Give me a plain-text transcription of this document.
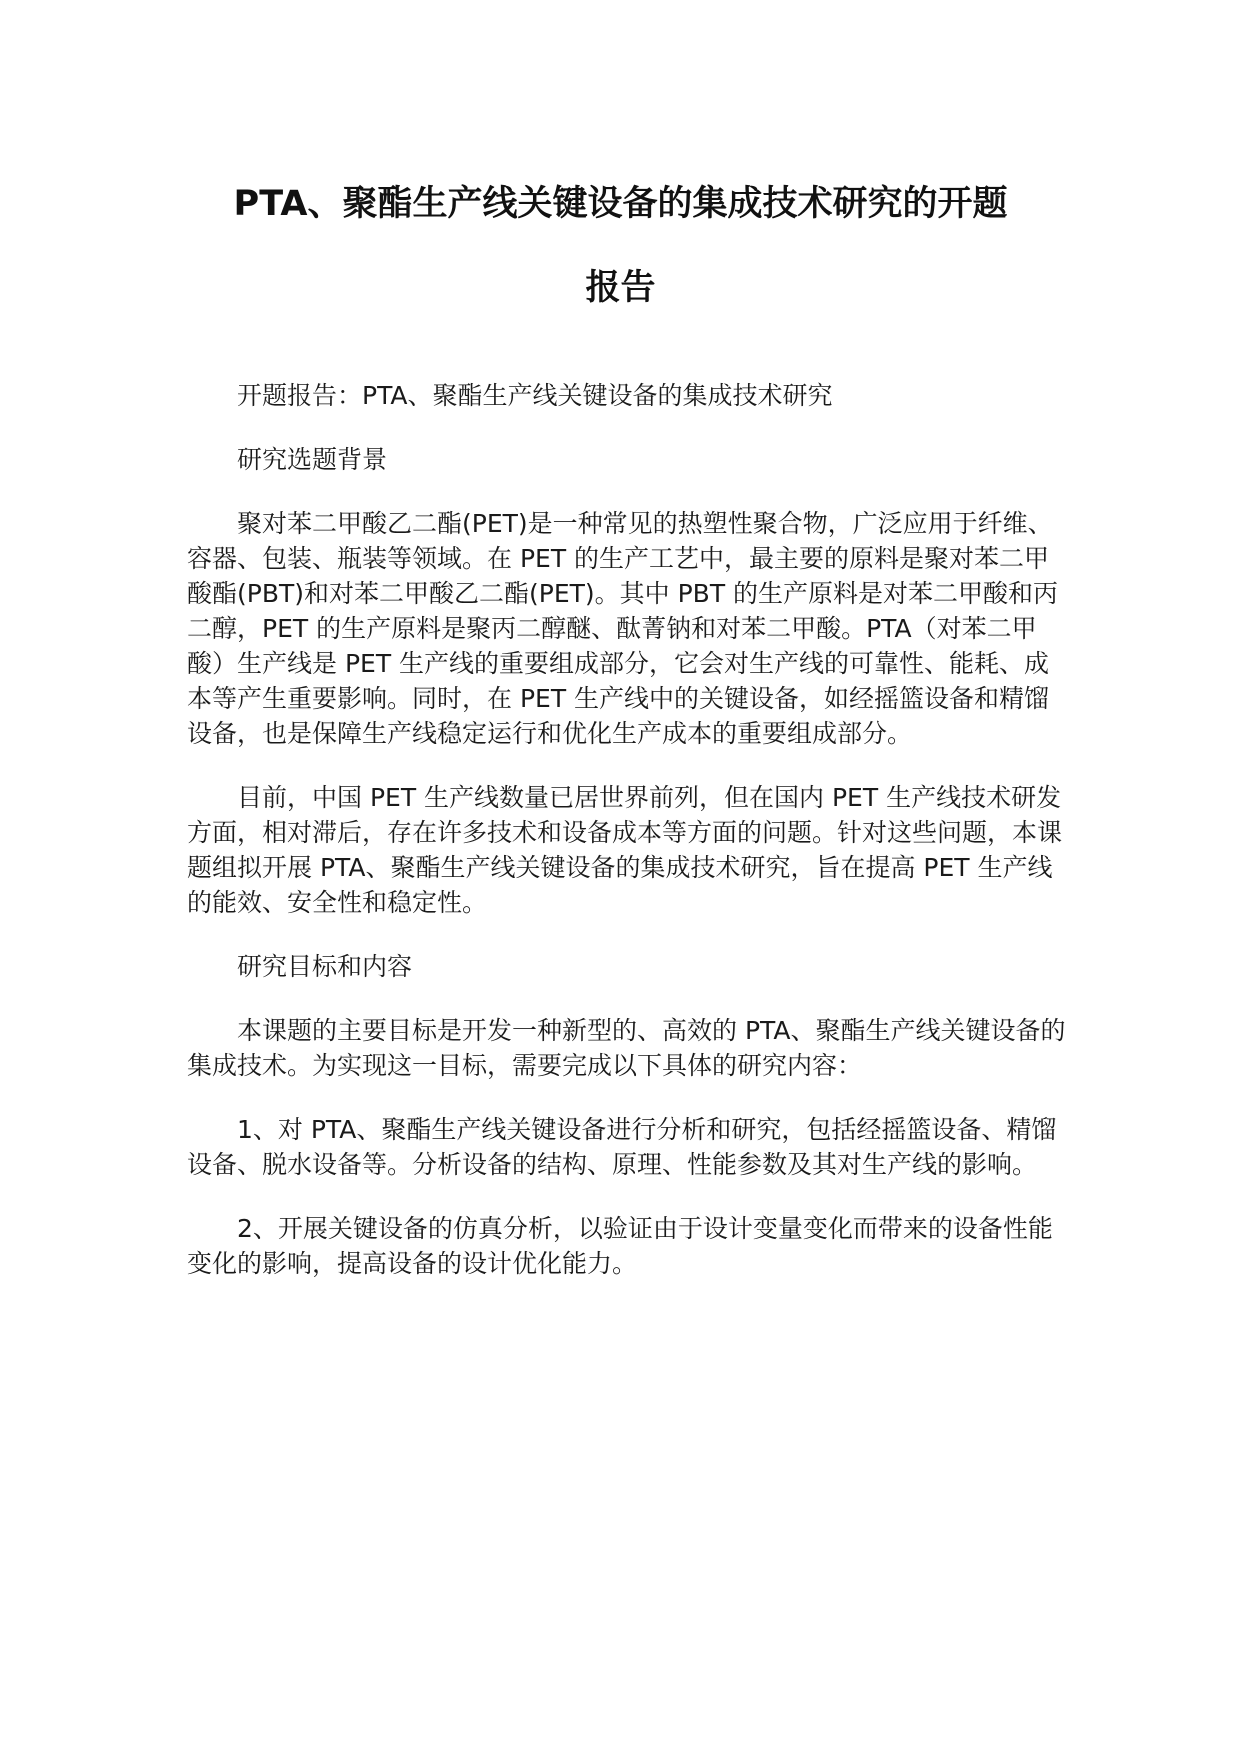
PTA、聚酯生产线关键设备的集成技术研究的开题
报告

开题报告：PTA、聚酯生产线关键设备的集成技术研究

研究选题背景

聚对苯二甲酸乙二酯(PET)是一种常见的热塑性聚合物，广泛应用于纤维、容器、包装、瓶装等领域。在 PET 的生产工艺中，最主要的原料是聚对苯二甲酸酯(PBT)和对苯二甲酸乙二酯(PET)。其中 PBT 的生产原料是对苯二甲酸和丙二醇，PET 的生产原料是聚丙二醇醚、酞菁钠和对苯二甲酸。PTA（对苯二甲酸）生产线是 PET 生产线的重要组成部分，它会对生产线的可靠性、能耗、成本等产生重要影响。同时，在 PET 生产线中的关键设备，如经摇篮设备和精馏设备，也是保障生产线稳定运行和优化生产成本的重要组成部分。

目前，中国 PET 生产线数量已居世界前列，但在国内 PET 生产线技术研发方面，相对滞后，存在许多技术和设备成本等方面的问题。针对这些问题，本课题组拟开展 PTA、聚酯生产线关键设备的集成技术研究，旨在提高 PET 生产线的能效、安全性和稳定性。

研究目标和内容

本课题的主要目标是开发一种新型的、高效的 PTA、聚酯生产线关键设备的集成技术。为实现这一目标，需要完成以下具体的研究内容：

1、对 PTA、聚酯生产线关键设备进行分析和研究，包括经摇篮设备、精馏设备、脱水设备等。分析设备的结构、原理、性能参数及其对生产线的影响。

2、开展关键设备的仿真分析，以验证由于设计变量变化而带来的设备性能变化的影响，提高设备的设计优化能力。
